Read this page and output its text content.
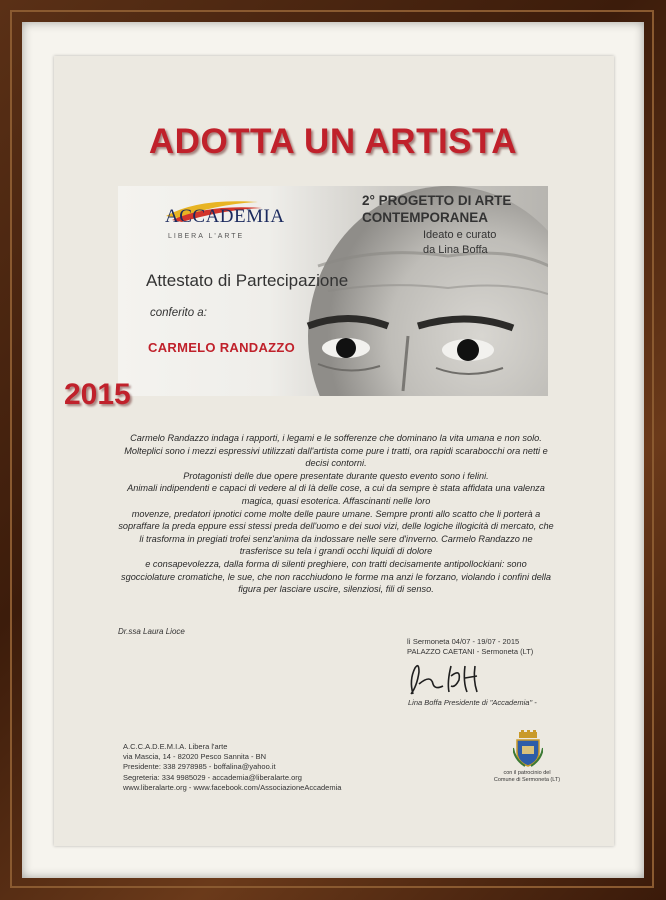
ADOTTA UN ARTISTA
ACCADEMIA
LIBERA L'ARTE
2° PROGETTO DI ARTE
CONTEMPORANEA
Ideato e curato
da Lina Boffa
Attestato di Partecipazione
conferito a:
CARMELO RANDAZZO
2015

Carmelo Randazzo indaga i rapporti, i legami e le sofferenze che dominano la vita umana e non solo. Molteplici sono i mezzi espressivi utilizzati dall'artista come pure i tratti, ora rapidi scarabocchi ora netti e decisi contorni.

Protagonisti delle due opere presentate durante questo evento sono i felini.

Animali indipendenti e capaci di vedere al di là delle cose, a cui da sempre è stata affidata una valenza magica, quasi esoterica. Affascinanti nelle loro

movenze, predatori ipnotici come molte delle paure umane. Sempre pronti allo scatto che li porterà a sopraffare la preda eppure essi stessi preda dell'uomo e dei suoi vizi, delle logiche illogicità di mercato, che li trasforma in pregiati trofei senz'anima da indossare nelle sere d'inverno. Carmelo Randazzo ne trasferisce su tela i grandi occhi liquidi di dolore

e consapevolezza, dalla forma di silenti preghiere, con tratti decisamente antipollockiani: sono sgocciolature cromatiche, le sue, che non racchiudono le forme ma anzi le forzano, violando i confini della figura per lasciare uscire, silenziosi, fili di senso.

Dr.ssa Laura Lioce
lì Sermoneta 04/07 - 19/07 - 2015
PALAZZO CAETANI - Sermoneta (LT)
Lina Boffa Presidente di "Accademia" -
A.C.C.A.D.E.M.I.A. Libera l'arte
via Mascia, 14 - 82020 Pesco Sannita - BN
Presidente: 338 2978985 - boffalina@yahoo.it
Segreteria: 334 9985029 - accademia@liberalarte.org
www.liberalarte.org - www.facebook.com/AssociazioneAccademia
con il patrocinio del
Comune di Sermoneta (LT)
